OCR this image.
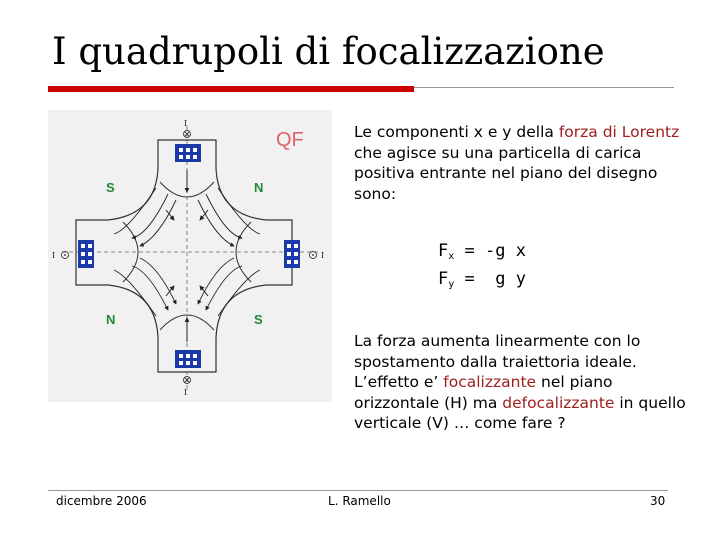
I quadrupoli di focalizzazione
I
I
I	I
S	N
N	S
QF	Le componenti x e y della forza di Lorentz che agisce su una particella di carica positiva entrante nel piano del disegno sono:
$F_x = -g$ x
$F_y = g$ y
La forza aumenta linearmente con lo spostamento dalla traiettoria ideale. L’effetto e’ focalizzante nel piano orizzontale (H) ma defocalizzante in quello verticale (V) … come fare ?
dicembre 2006	L. Ramello	30
